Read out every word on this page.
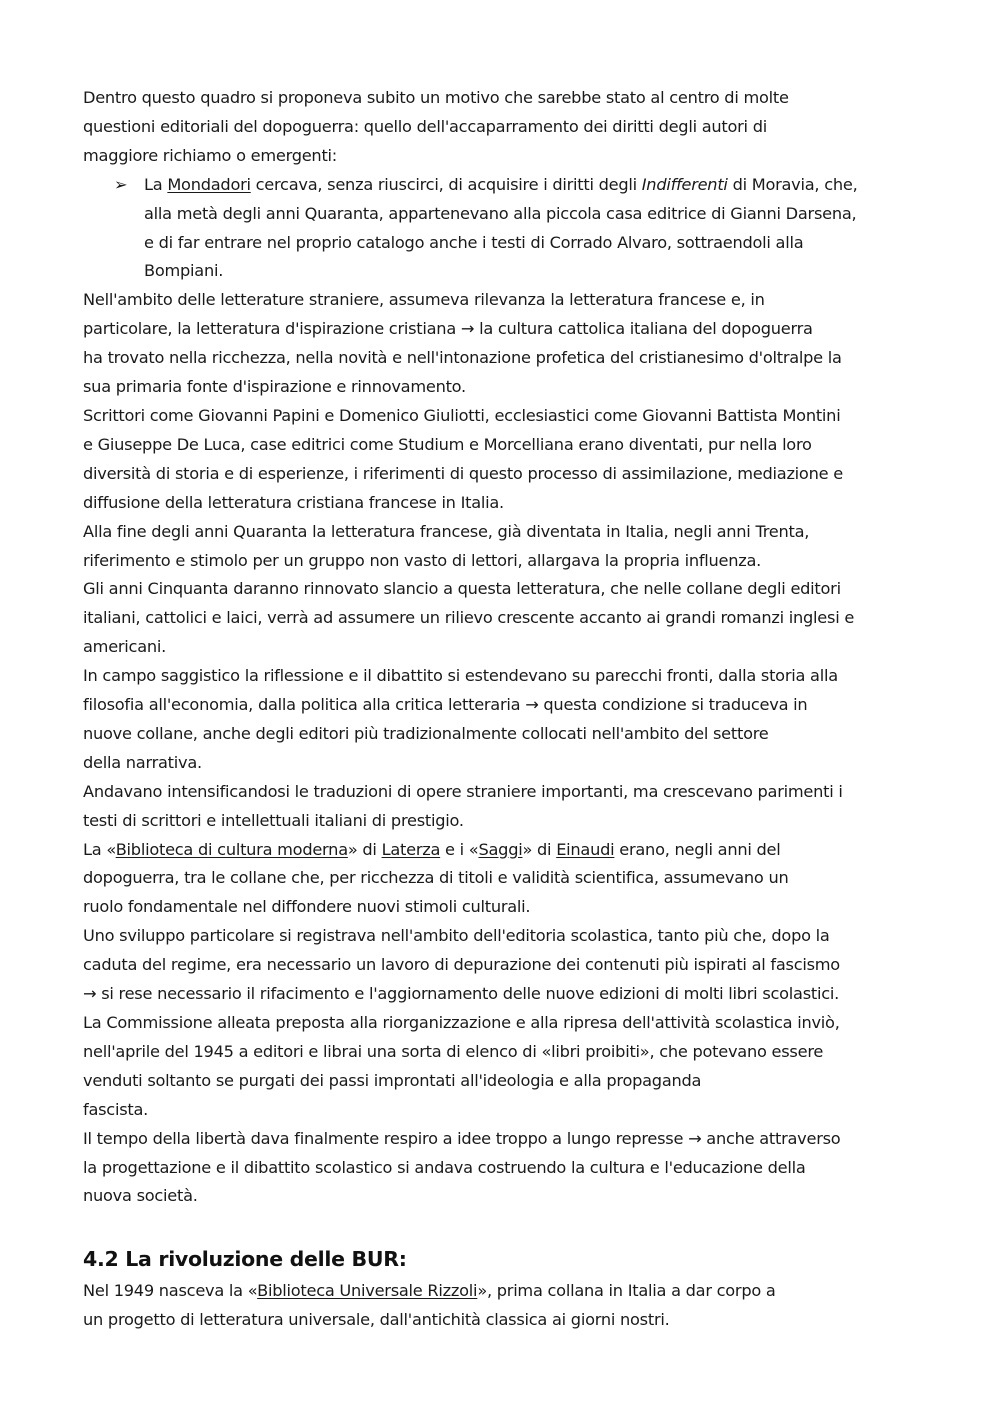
Dentro questo quadro si proponeva subito un motivo che sarebbe stato al centro di molte
questioni editoriali del dopoguerra: quello dell'accaparramento dei diritti degli autori di
maggiore richiamo o emergenti:

➢	La Mondadori cercava, senza riuscirci, di acquisire i diritti degli Indifferenti di Moravia, che,
alla metà degli anni Quaranta, appartenevano alla piccola casa editrice di Gianni Darsena,
e di far entrare nel proprio catalogo anche i testi di Corrado Alvaro, sottraendoli alla
Bompiani.

Nell'ambito delle letterature straniere, assumeva rilevanza la letteratura francese e, in
particolare, la letteratura d'ispirazione cristiana → la cultura cattolica italiana del dopoguerra
ha trovato nella ricchezza, nella novità e nell'intonazione profetica del cristianesimo d'oltralpe la
sua primaria fonte d'ispirazione e rinnovamento.

Scrittori come Giovanni Papini e Domenico Giuliotti, ecclesiastici come Giovanni Battista Montini
e Giuseppe De Luca, case editrici come Studium e Morcelliana erano diventati, pur nella loro
diversità di storia e di esperienze, i riferimenti di questo processo di assimilazione, mediazione e
diffusione della letteratura cristiana francese in Italia.

Alla fine degli anni Quaranta la letteratura francese, già diventata in Italia, negli anni Trenta,
riferimento e stimolo per un gruppo non vasto di lettori, allargava la propria influenza.

Gli anni Cinquanta daranno rinnovato slancio a questa letteratura, che nelle collane degli editori
italiani, cattolici e laici, verrà ad assumere un rilievo crescente accanto ai grandi romanzi inglesi e
americani.

In campo saggistico la riflessione e il dibattito si estendevano su parecchi fronti, dalla storia alla
filosofia all'economia, dalla politica alla critica letteraria → questa condizione si traduceva in
nuove collane, anche degli editori più tradizionalmente collocati nell'ambito del settore
della narrativa.

Andavano intensificandosi le traduzioni di opere straniere importanti, ma crescevano parimenti i
testi di scrittori e intellettuali italiani di prestigio.

La «Biblioteca di cultura moderna» di Laterza e i «Saggi» di Einaudi erano, negli anni del
dopoguerra, tra le collane che, per ricchezza di titoli e validità scientifica, assumevano un
ruolo fondamentale nel diffondere nuovi stimoli culturali.

Uno sviluppo particolare si registrava nell'ambito dell'editoria scolastica, tanto più che, dopo la
caduta del regime, era necessario un lavoro di depurazione dei contenuti più ispirati al fascismo
→ si rese necessario il rifacimento e l'aggiornamento delle nuove edizioni di molti libri scolastici.

La Commissione alleata preposta alla riorganizzazione e alla ripresa dell'attività scolastica inviò,
nell'aprile del 1945 a editori e librai una sorta di elenco di «libri proibiti», che potevano essere
venduti soltanto se purgati dei passi improntati all'ideologia e alla propaganda
fascista.

Il tempo della libertà dava finalmente respiro a idee troppo a lungo represse → anche attraverso
la progettazione e il dibattito scolastico si andava costruendo la cultura e l'educazione della
nuova società.

4.2 La rivoluzione delle BUR:

Nel 1949 nasceva la «Biblioteca Universale Rizzoli», prima collana in Italia a dar corpo a
un progetto di letteratura universale, dall'antichità classica ai giorni nostri.
